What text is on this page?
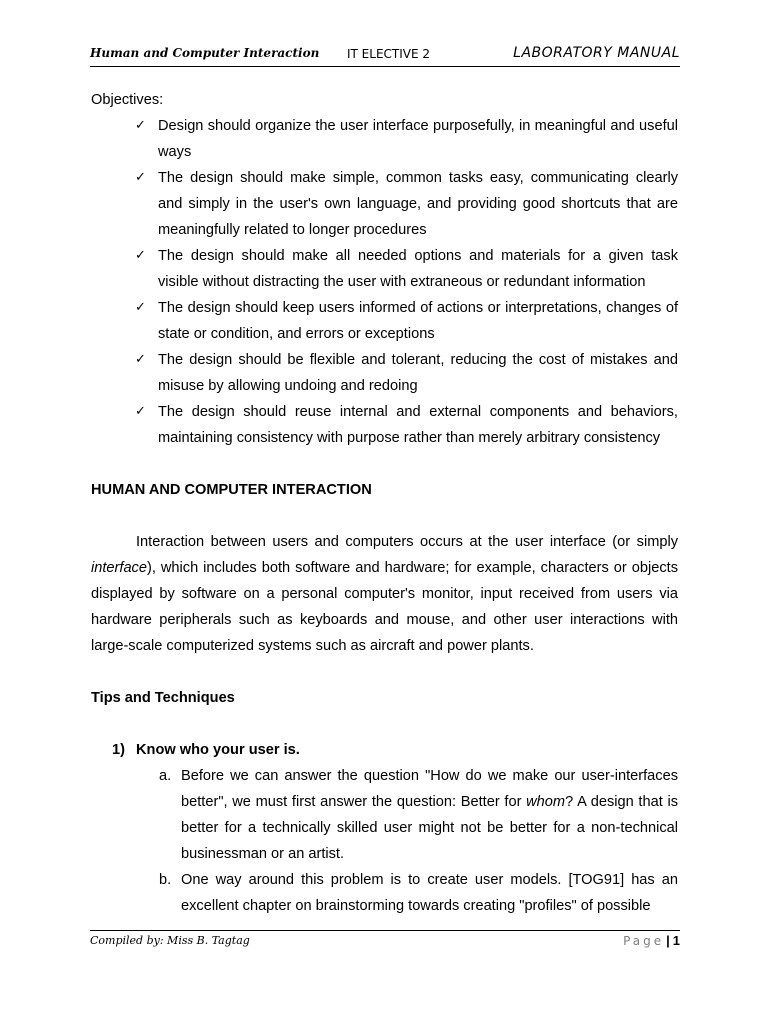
Human and Computer Interaction IT ELECTIVE 2	LABORATORY MANUAL

Objectives:

✓ Design should organize the user interface purposefully, in meaningful and useful ways
✓ The design should make simple, common tasks easy, communicating clearly and simply in the user's own language, and providing good shortcuts that are meaningfully related to longer procedures
✓ The design should make all needed options and materials for a given task visible without distracting the user with extraneous or redundant information
✓ The design should keep users informed of actions or interpretations, changes of state or condition, and errors or exceptions
✓ The design should be flexible and tolerant, reducing the cost of mistakes and misuse by allowing undoing and redoing
✓ The design should reuse internal and external components and behaviors, maintaining consistency with purpose rather than merely arbitrary consistency

HUMAN AND COMPUTER INTERACTION

Interaction between users and computers occurs at the user interface (or simply interface), which includes both software and hardware; for example, characters or objects displayed by software on a personal computer's monitor, input received from users via hardware peripherals such as keyboards and mouse, and other user interactions with large-scale computerized systems such as aircraft and power plants.

Tips and Techniques

1) Know who your user is.
a. Before we can answer the question "How do we make our user-interfaces better", we must first answer the question: Better for whom? A design that is better for a technically skilled user might not be better for a non-technical businessman or an artist.
b. One way around this problem is to create user models. [TOG91] has an excellent chapter on brainstorming towards creating "profiles" of possible
Compiled by: Miss B. Tagtag	Page | 1
